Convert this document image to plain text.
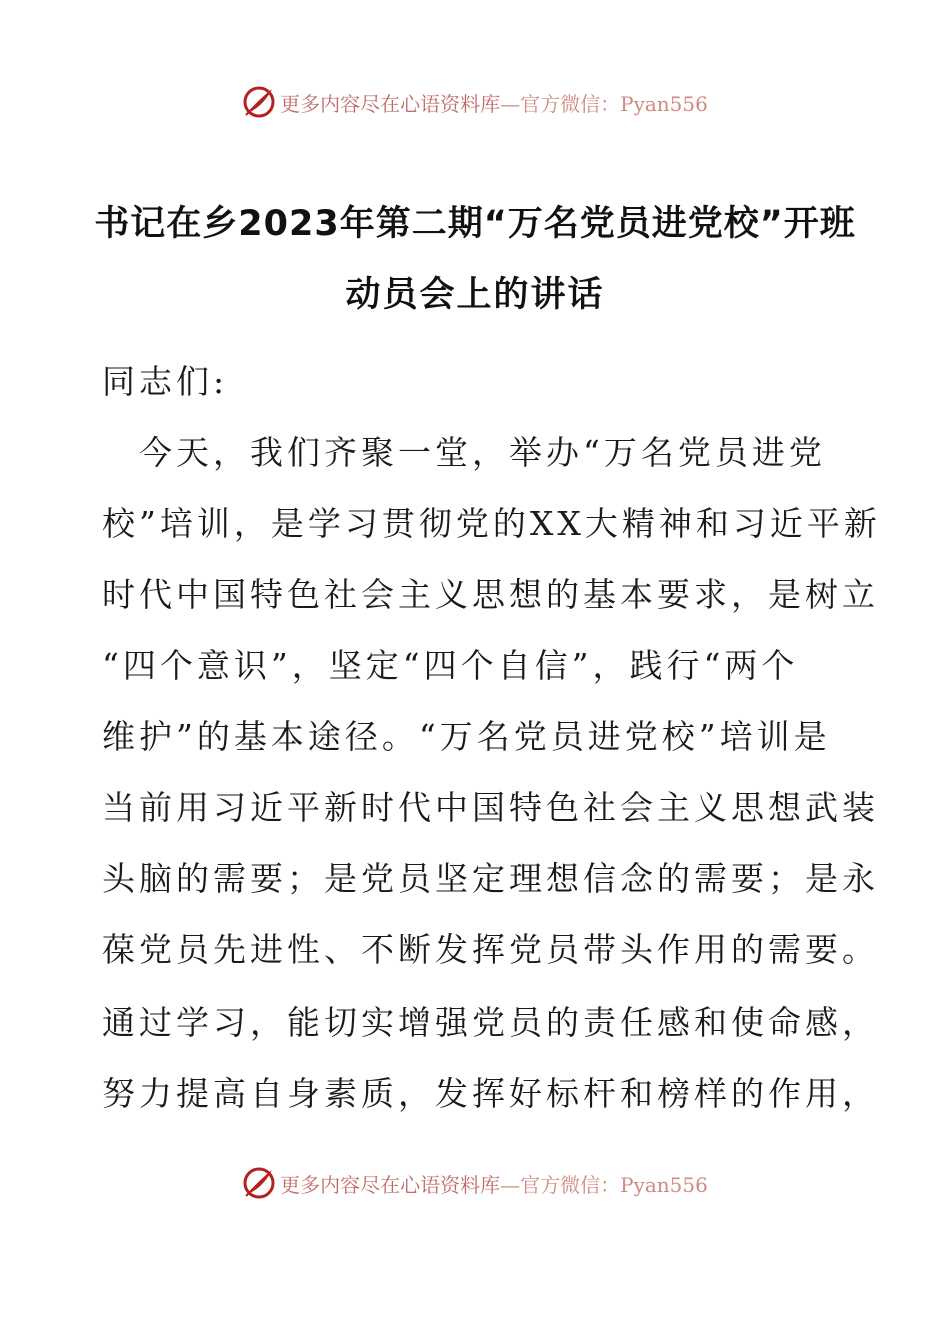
更多内容尽在心语资料库—官方微信：Pyan556
书记在乡2023年第二期“万名党员进党校”开班
动员会上的讲话
同志们:
　今天，我们齐聚一堂，举办“万名党员进党
校”培训，是学习贯彻党的XX大精神和习近平新
时代中国特色社会主义思想的基本要求，是树立
“四个意识”，坚定“四个自信”，践行“两个
维护”的基本途径。“万名党员进党校”培训是
当前用习近平新时代中国特色社会主义思想武装
头脑的需要；是党员坚定理想信念的需要；是永
葆党员先进性、不断发挥党员带头作用的需要。
通过学习，能切实增强党员的责任感和使命感，
努力提高自身素质，发挥好标杆和榜样的作用，
更多内容尽在心语资料库—官方微信：Pyan556
